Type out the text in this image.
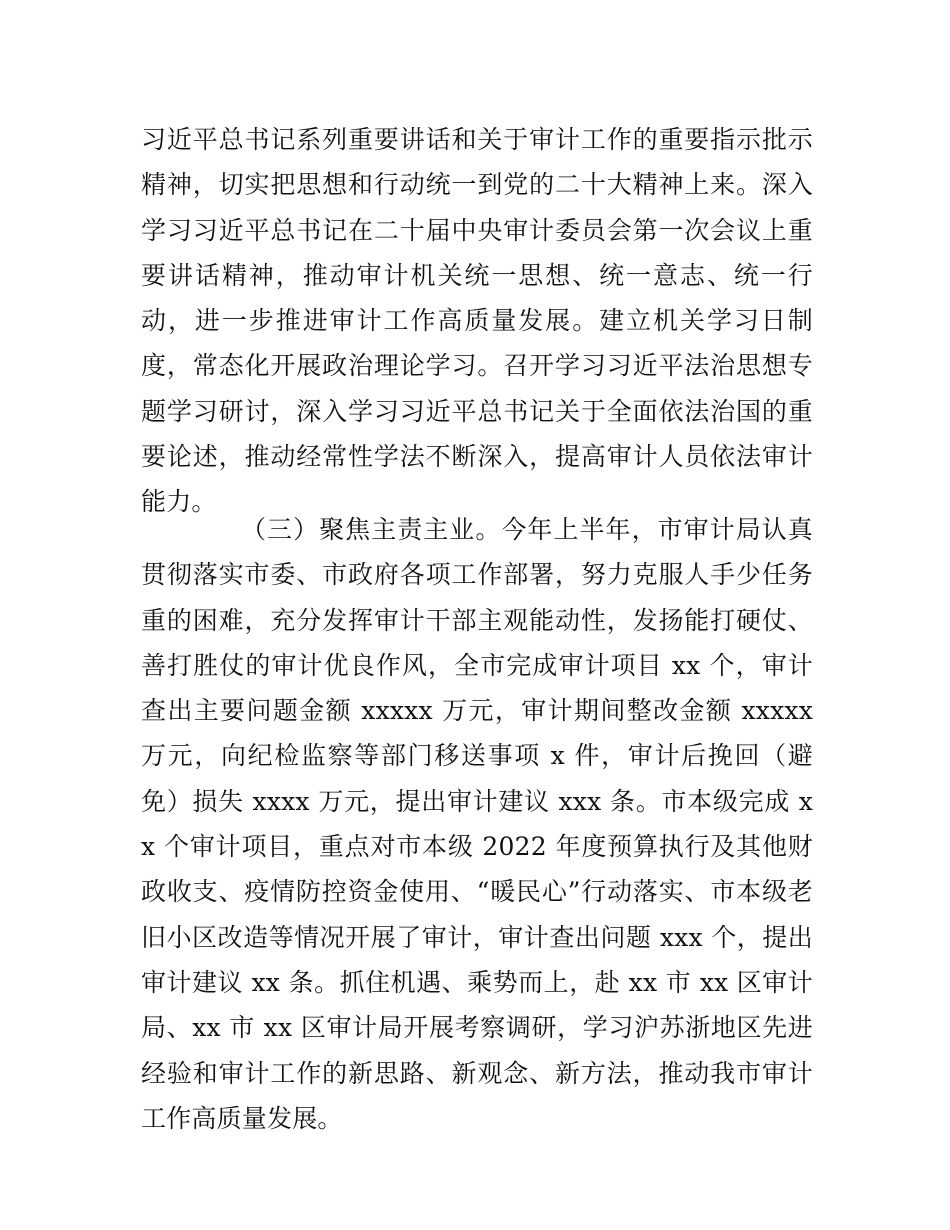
习近平总书记系列重要讲话和关于审计工作的重要指示批示精神，切实把思想和行动统一到党的二十大精神上来。深入学习习近平总书记在二十届中央审计委员会第一次会议上重要讲话精神，推动审计机关统一思想、统一意志、统一行动，进一步推进审计工作高质量发展。建立机关学习日制度，常态化开展政治理论学习。召开学习习近平法治思想专题学习研讨，深入学习习近平总书记关于全面依法治国的重要论述，推动经常性学法不断深入，提高审计人员依法审计能力。

（三）聚焦主责主业。今年上半年，市审计局认真贯彻落实市委、市政府各项工作部署，努力克服人手少任务重的困难，充分发挥审计干部主观能动性，发扬能打硬仗、善打胜仗的审计优良作风，全市完成审计项目 xx 个，审计查出主要问题金额 xxxxx 万元，审计期间整改金额 xxxxx 万元，向纪检监察等部门移送事项 x 件，审计后挽回（避免）损失 xxxx 万元，提出审计建议 xxx 条。市本级完成 xx 个审计项目，重点对市本级 2022 年度预算执行及其他财政收支、疫情防控资金使用、“暖民心”行动落实、市本级老旧小区改造等情况开展了审计，审计查出问题 xxx 个，提出审计建议 xx 条。抓住机遇、乘势而上，赴 xx 市 xx 区审计局、xx 市 xx 区审计局开展考察调研，学习沪苏浙地区先进经验和审计工作的新思路、新观念、新方法，推动我市审计工作高质量发展。
